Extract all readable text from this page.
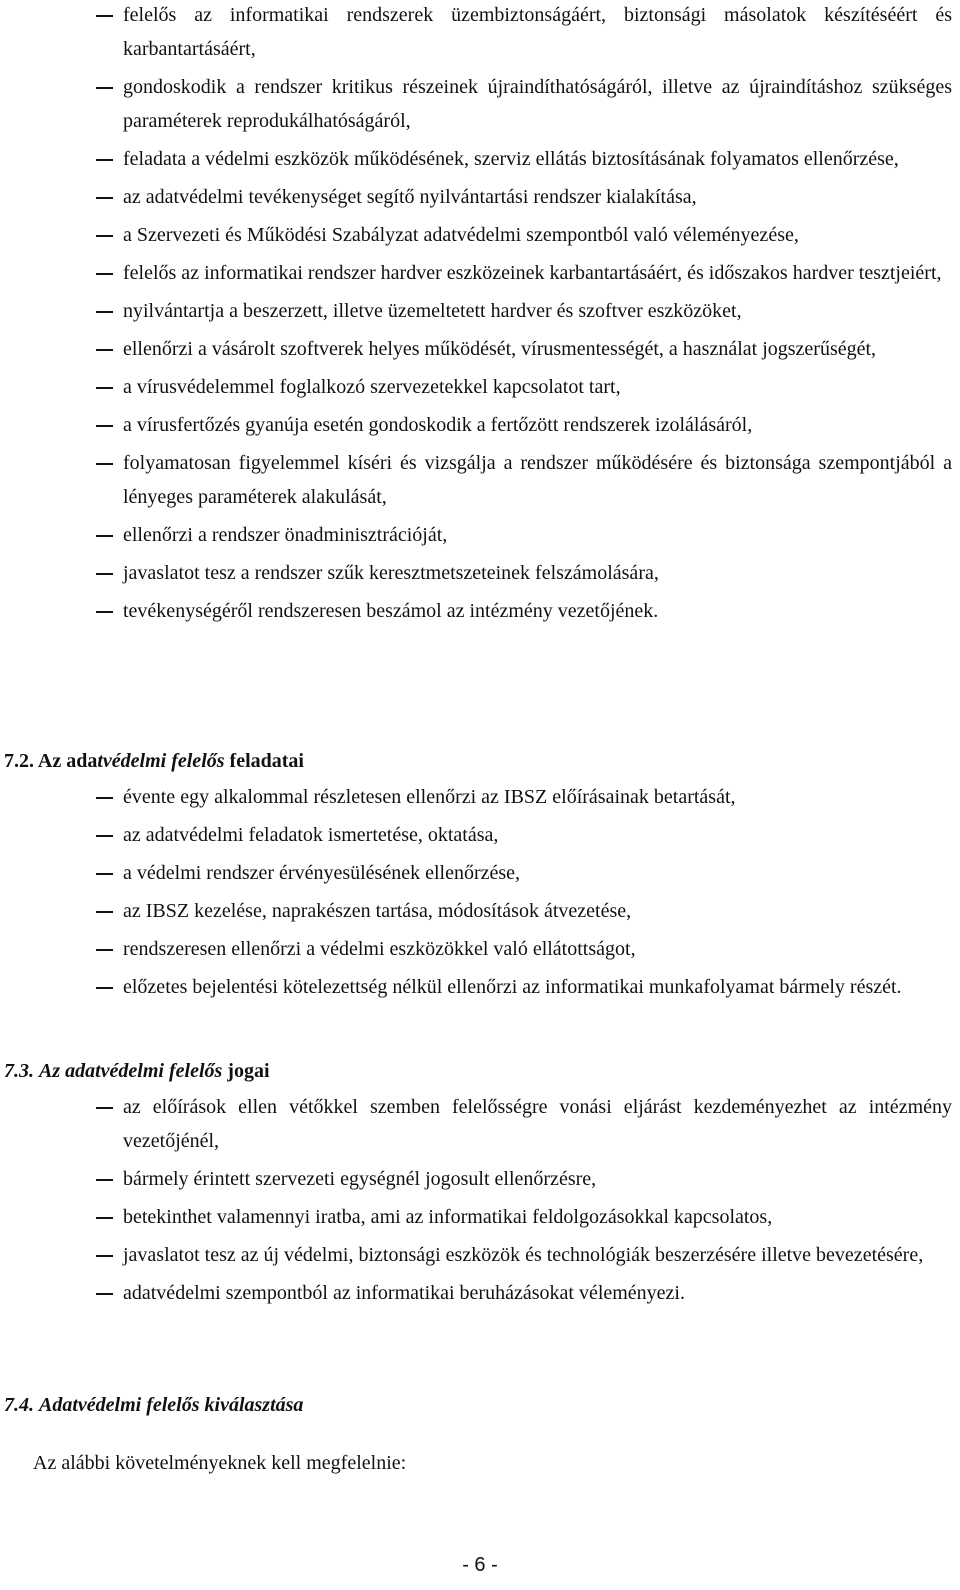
felelős az informatikai rendszerek üzembiztonságáért, biztonsági másolatok készítéséért és karbantartásáért,
gondoskodik a rendszer kritikus részeinek újraindíthatóságáról, illetve az újraindításhoz szükséges paraméterek reprodukálhatóságáról,
feladata a védelmi eszközök működésének, szerviz ellátás biztosításának folyamatos ellenőrzése,
az adatvédelmi tevékenységet segítő nyilvántartási rendszer kialakítása,
a Szervezeti és Működési Szabályzat adatvédelmi szempontból való véleményezése,
felelős az informatikai rendszer hardver eszközeinek karbantartásáért, és időszakos hardver tesztjeiért,
nyilvántartja a beszerzett, illetve üzemeltetett hardver és szoftver eszközöket,
ellenőrzi a vásárolt szoftverek helyes működését, vírusmentességét, a használat jogszerűségét,
a vírusvédelemmel foglalkozó szervezetekkel kapcsolatot tart,
a vírusfertőzés gyanúja esetén gondoskodik a fertőzött rendszerek izolálásáról,
folyamatosan figyelemmel kíséri és vizsgálja a rendszer működésére és biztonsága szempontjából a lényeges paraméterek alakulását,
ellenőrzi a rendszer önadminisztrációját,
javaslatot tesz a rendszer szűk keresztmetszeteinek felszámolására,
tevékenységéről rendszeresen beszámol az intézmény vezetőjének.
7.2. Az adatvédelmi felelős feladatai
évente egy alkalommal részletesen ellenőrzi az IBSZ előírásainak betartását,
az adatvédelmi feladatok ismertetése, oktatása,
a védelmi rendszer érvényesülésének ellenőrzése,
az IBSZ kezelése, naprakészen tartása, módosítások átvezetése,
rendszeresen ellenőrzi a védelmi eszközökkel való ellátottságot,
előzetes bejelentési kötelezettség nélkül ellenőrzi az informatikai munkafolyamat bármely részét.
7.3. Az adatvédelmi felelős jogai
az előírások ellen vétőkkel szemben felelősségre vonási eljárást kezdeményezhet az intézmény vezetőjénél,
bármely érintett szervezeti egységnél jogosult ellenőrzésre,
betekinthet valamennyi iratba, ami az informatikai feldolgozásokkal kapcsolatos,
javaslatot tesz az új védelmi, biztonsági eszközök és technológiák beszerzésére illetve bevezetésére,
adatvédelmi szempontból az informatikai beruházásokat véleményezi.
7.4. Adatvédelmi felelős kiválasztása
Az alábbi követelményeknek kell megfelelnie:
- 6 -
